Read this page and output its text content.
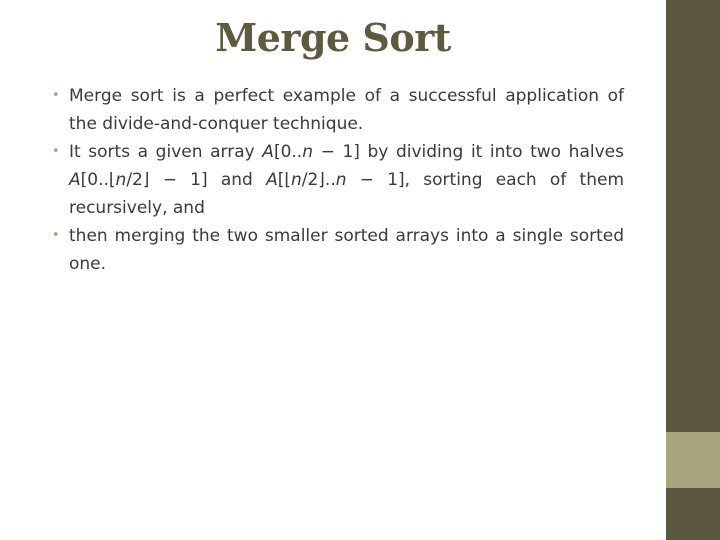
Merge Sort
• Merge sort is a perfect example of a successful application of the divide-and-conquer technique.
• It sorts a given array A[0..n − 1] by dividing it into two halves A[0..⌊n/2⌋ − 1] and A[⌊n/2⌋..n − 1], sorting each of them recursively, and
• then merging the two smaller sorted arrays into a single sorted one.
